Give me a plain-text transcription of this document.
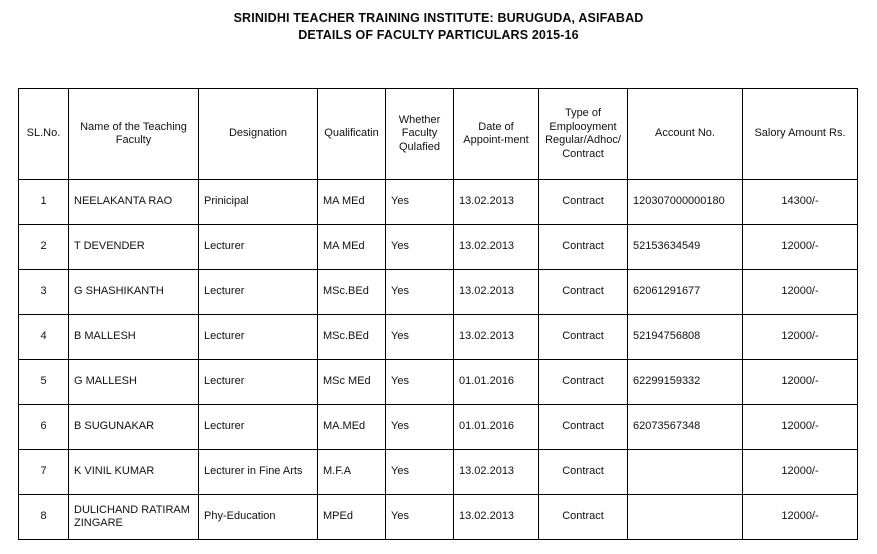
SRINIDHI TEACHER TRAINING INSTITUTE: BURUGUDA, ASIFABAD
DETAILS OF FACULTY PARTICULARS 2015-16
SL.No.	Name of the Teaching Faculty	Designation	Qualificatin	Whether Faculty Qulafied	Date of Appoint-ment	Type of Emplooyment Regular/Adhoc/ Contract	Account No.	Salory Amount Rs.
1	NEELAKANTA RAO	Prinicipal	MA MEd	Yes	13.02.2013	Contract	120307000000180	14300/-
2	T DEVENDER	Lecturer	MA MEd	Yes	13.02.2013	Contract	52153634549	12000/-
3	G SHASHIKANTH	Lecturer	MSc.BEd	Yes	13.02.2013	Contract	62061291677	12000/-
4	B MALLESH	Lecturer	MSc.BEd	Yes	13.02.2013	Contract	52194756808	12000/-
5	G MALLESH	Lecturer	MSc MEd	Yes	01.01.2016	Contract	62299159332	12000/-
6	B SUGUNAKAR	Lecturer	MA.MEd	Yes	01.01.2016	Contract	62073567348	12000/-
7	K VINIL KUMAR	Lecturer in Fine Arts	M.F.A	Yes	13.02.2013	Contract		12000/-
8	DULICHAND RATIRAM ZINGARE	Phy-Education	MPEd	Yes	13.02.2013	Contract		12000/-
